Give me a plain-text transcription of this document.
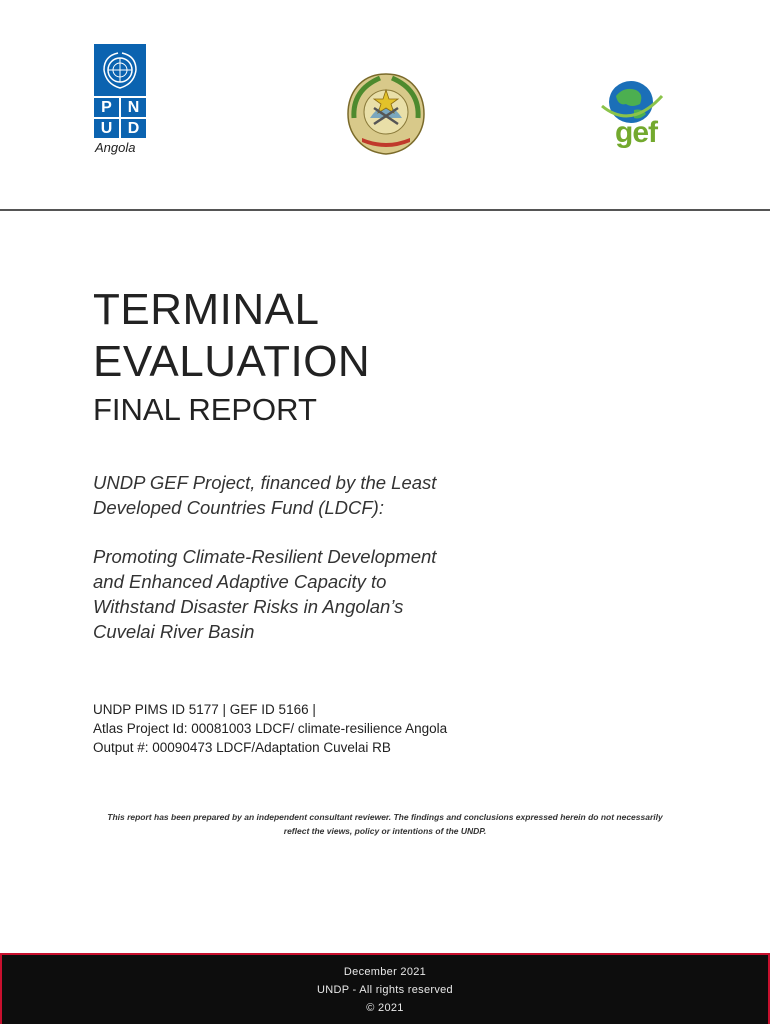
P N
U D
Angola
	gef
TERMINAL
EVALUATION
FINAL REPORT
UNDP GEF Project, financed by the Least
Developed Countries Fund (LDCF):
Promoting Climate-Resilient Development
and Enhanced Adaptive Capacity to
Withstand Disaster Risks in Angolan’s
Cuvelai River Basin
UNDP PIMS ID 5177 | GEF ID 5166 |
Atlas Project Id: 00081003 LDCF/ climate-resilience Angola
Output #: 00090473 LDCF/Adaptation Cuvelai RB
This report has been prepared by an independent consultant reviewer. The findings and conclusions expressed herein do not necessarily
reflect the views, policy or intentions of the UNDP.
December 2021
UNDP - All rights reserved
© 2021
